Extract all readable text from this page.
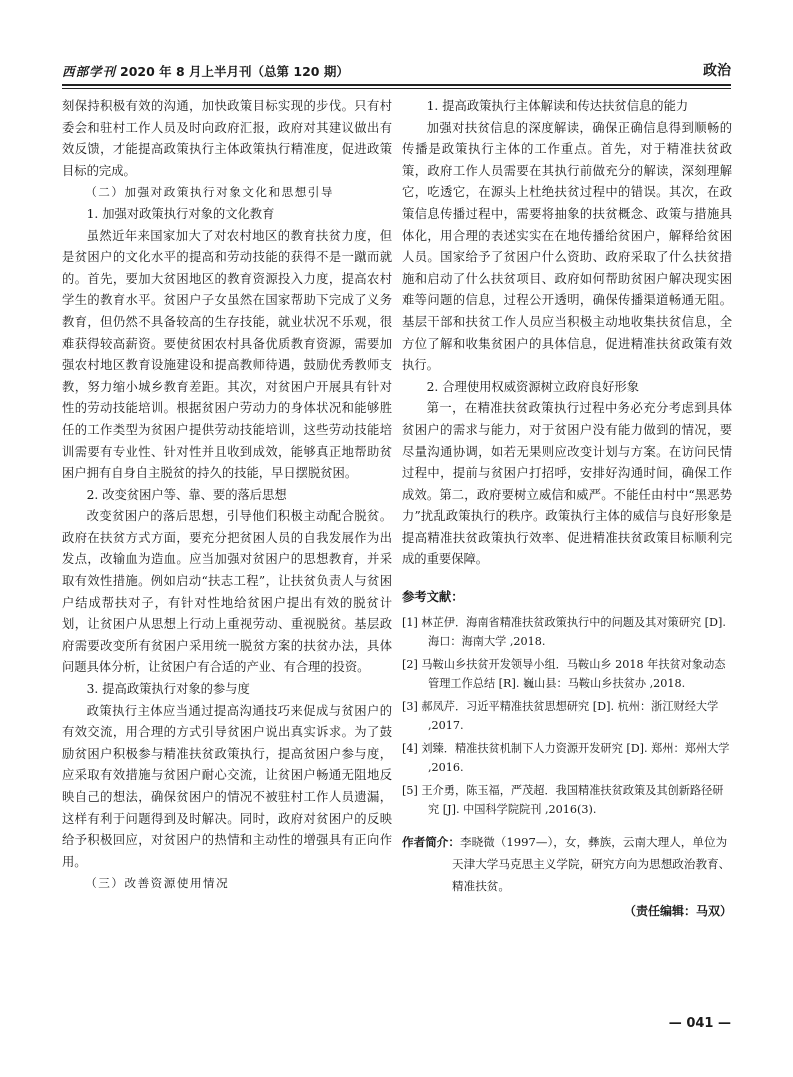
西部学刊 2020 年 8 月上半月刊（总第 120 期）	政治

刻保持积极有效的沟通，加快政策目标实现的步伐。只有村委会和驻村工作人员及时向政府汇报，政府对其建议做出有效反馈，才能提高政策执行主体政策执行精准度，促进政策目标的完成。

（二）加强对政策执行对象文化和思想引导

1. 加强对政策执行对象的文化教育

虽然近年来国家加大了对农村地区的教育扶贫力度，但是贫困户的文化水平的提高和劳动技能的获得不是一蹴而就的。首先，要加大贫困地区的教育资源投入力度，提高农村学生的教育水平。贫困户子女虽然在国家帮助下完成了义务教育，但仍然不具备较高的生存技能，就业状况不乐观，很难获得较高薪资。要使贫困农村具备优质教育资源，需要加强农村地区教育设施建设和提高教师待遇，鼓励优秀教师支教，努力缩小城乡教育差距。其次，对贫困户开展具有针对性的劳动技能培训。根据贫困户劳动力的身体状况和能够胜任的工作类型为贫困户提供劳动技能培训，这些劳动技能培训需要有专业性、针对性并且收到成效，能够真正地帮助贫困户拥有自身自主脱贫的持久的技能，早日摆脱贫困。

2. 改变贫困户等、靠、要的落后思想

改变贫困户的落后思想，引导他们积极主动配合脱贫。政府在扶贫方式方面，要充分把贫困人员的自我发展作为出发点，改输血为造血。应当加强对贫困户的思想教育，并采取有效性措施。例如启动“扶志工程”，让扶贫负责人与贫困户结成帮扶对子，有针对性地给贫困户提出有效的脱贫计划，让贫困户从思想上行动上重视劳动、重视脱贫。基层政府需要改变所有贫困户采用统一脱贫方案的扶贫办法，具体问题具体分析，让贫困户有合适的产业、有合理的投资。

3. 提高政策执行对象的参与度

政策执行主体应当通过提高沟通技巧来促成与贫困户的有效交流，用合理的方式引导贫困户说出真实诉求。为了鼓励贫困户积极参与精准扶贫政策执行，提高贫困户参与度，应采取有效措施与贫困户耐心交流，让贫困户畅通无阻地反映自己的想法，确保贫困户的情况不被驻村工作人员遗漏，这样有利于问题得到及时解决。同时，政府对贫困户的反映给予积极回应，对贫困户的热情和主动性的增强具有正向作用。

（三）改善资源使用情况

1. 提高政策执行主体解读和传达扶贫信息的能力

加强对扶贫信息的深度解读，确保正确信息得到顺畅的传播是政策执行主体的工作重点。首先，对于精准扶贫政策，政府工作人员需要在其执行前做充分的解读，深刻理解它，吃透它，在源头上杜绝扶贫过程中的错误。其次，在政策信息传播过程中，需要将抽象的扶贫概念、政策与措施具体化，用合理的表述实实在在地传播给贫困户，解释给贫困人员。国家给予了贫困户什么资助、政府采取了什么扶贫措施和启动了什么扶贫项目、政府如何帮助贫困户解决现实困难等问题的信息，过程公开透明，确保传播渠道畅通无阻。基层干部和扶贫工作人员应当积极主动地收集扶贫信息，全方位了解和收集贫困户的具体信息，促进精准扶贫政策有效执行。

2. 合理使用权威资源树立政府良好形象

第一，在精准扶贫政策执行过程中务必充分考虑到具体贫困户的需求与能力，对于贫困户没有能力做到的情况，要尽量沟通协调，如若无果则应改变计划与方案。在访问民情过程中，提前与贫困户打招呼，安排好沟通时间，确保工作成效。第二，政府要树立威信和威严。不能任由村中“黑恶势力”扰乱政策执行的秩序。政策执行主体的威信与良好形象是提高精准扶贫政策执行效率、促进精准扶贫政策目标顺利完成的重要保障。

参考文献：
[1] 林芷伊．海南省精准扶贫政策执行中的问题及其对策研究 [D]. 海口：海南大学 ,2018.
[2] 马鞍山乡扶贫开发领导小组．马鞍山乡 2018 年扶贫对象动态管理工作总结 [R]. 巍山县：马鞍山乡扶贫办 ,2018.
[3] 郝凤芹．习近平精准扶贫思想研究 [D]. 杭州：浙江财经大学 ,2017.
[4] 刘臻．精准扶贫机制下人力资源开发研究 [D]. 郑州：郑州大学 ,2016.
[5] 王介勇，陈玉福，严茂超．我国精准扶贫政策及其创新路径研究 [J]. 中国科学院院刊 ,2016(3).
作者简介：李晓微（1997—），女，彝族，云南大理人，单位为天津大学马克思主义学院，研究方向为思想政治教育、精准扶贫。
（责任编辑：马双）
— 041 —
